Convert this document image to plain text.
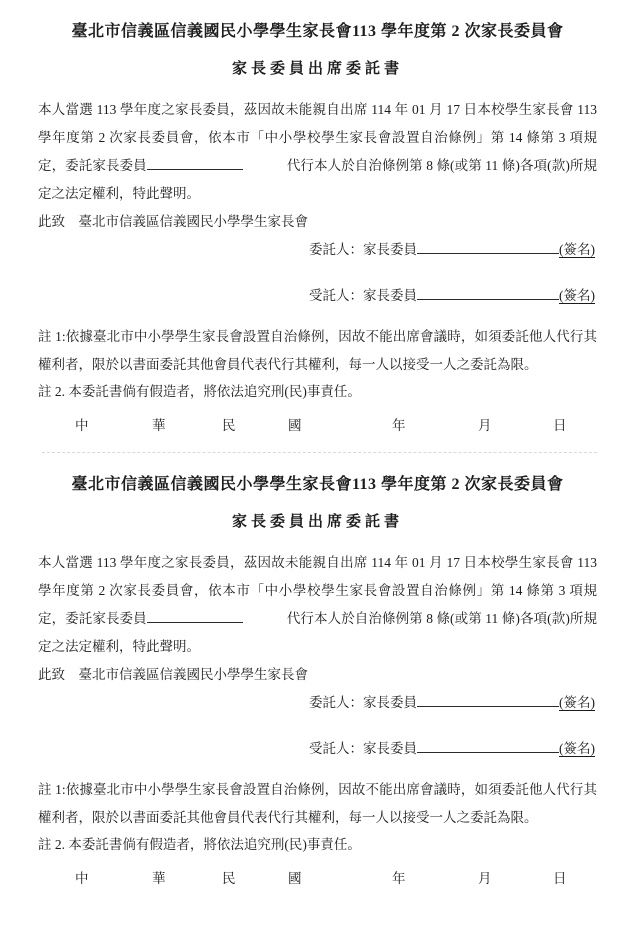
臺北市信義區信義國民小學學生家長會113 學年度第 2 次家長委員會
家長委員出席委託書

本人當選 113 學年度之家長委員，茲因故未能親自出席 114 年 01 月 17 日本校學生家長會 113 學年度第 2 次家長委員會，依本市「中小學校學生家長會設置自治條例」第 14 條第 3 項規定，委託家長委員	代行本人於自治條例第 8 條(或第 11 條)各項(款)所規定之法定權利，特此聲明。

此致　臺北市信義區信義國民小學學生家長會

委託人：家長委員	(簽名)
受託人：家長委員	(簽名)

註 1:依據臺北市中小學學生家長會設置自治條例，因故不能出席會議時，如須委託他人代行其權利者，限於以書面委託其他會員代表代行其權利，每一人以接受一人之委託為限。

註 2. 本委託書倘有假造者，將依法追究刑(民)事責任。

中	華	民	國	年	月	日
臺北市信義區信義國民小學學生家長會113 學年度第 2 次家長委員會
家長委員出席委託書

本人當選 113 學年度之家長委員，茲因故未能親自出席 114 年 01 月 17 日本校學生家長會 113 學年度第 2 次家長委員會，依本市「中小學校學生家長會設置自治條例」第 14 條第 3 項規定，委託家長委員	代行本人於自治條例第 8 條(或第 11 條)各項(款)所規定之法定權利，特此聲明。

此致　臺北市信義區信義國民小學學生家長會

委託人：家長委員	(簽名)
受託人：家長委員	(簽名)

註 1:依據臺北市中小學學生家長會設置自治條例，因故不能出席會議時，如須委託他人代行其權利者，限於以書面委託其他會員代表代行其權利，每一人以接受一人之委託為限。

註 2. 本委託書倘有假造者，將依法追究刑(民)事責任。

中	華	民	國	年	月	日
